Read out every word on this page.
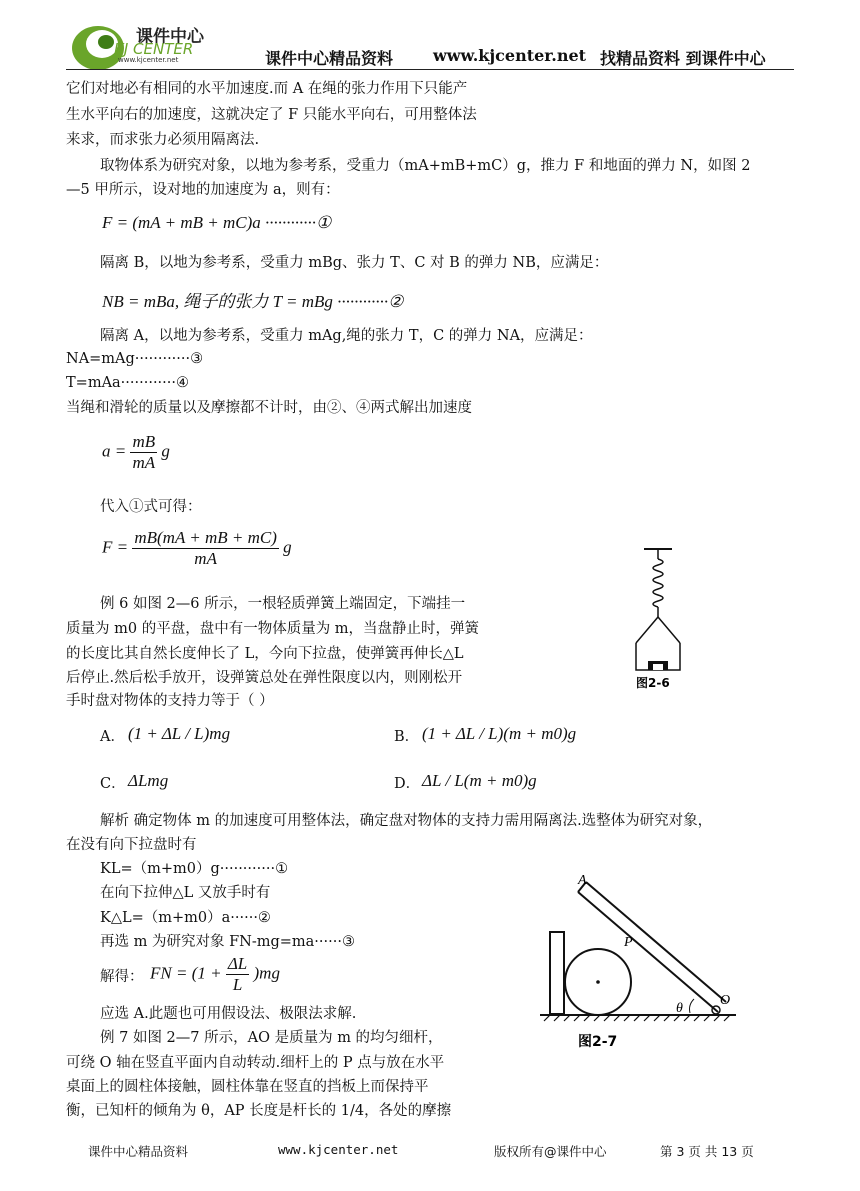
课件中心
KJ CENTER
www.kjcenter.net	课件中心精品资料 www.kjcenter.net 找精品资料 到课件中心
它们对地必有相同的水平加速度.而 A 在绳的张力作用下只能产
生水平向右的加速度，这就决定了 F 只能水平向右，可用整体法
来求，而求张力必须用隔离法.
取物体系为研究对象，以地为参考系，受重力（mA+mB+mC）g，推力 F 和地面的弹力 N，如图 2
—5 甲所示，设对地的加速度为 a，则有：
F = (mA + mB + mC)a ············①
隔离 B，以地为参考系，受重力 mBg、张力 T、C 对 B 的弹力 NB，应满足：
NB = mBa, 绳子的张力 T = mBg ············②
隔离 A，以地为参考系，受重力 mAg,绳的张力 T，C 的弹力 NA，应满足：
NA=mAg············③
T=mAa············④
当绳和滑轮的质量以及摩擦都不计时，由②、④两式解出加速度
$a = \frac{mB}{mA}$ g
代入①式可得：
$F = \frac{mB(mA + mB + mC)}{mA}$ g
例 6 如图 2—6 所示，一根轻质弹簧上端固定，下端挂一
质量为 m0 的平盘，盘中有一物体质量为 m，当盘静止时，弹簧
的长度比其自然长度伸长了 L，今向下拉盘，使弹簧再伸长△L
后停止.然后松手放开，设弹簧总处在弹性限度以内，则刚松开
手时盘对物体的支持力等于（ ）
图2-6
A． (1 + ΔL / L)mg	B． (1 + ΔL / L)(m + m0)g
C． ΔLmg	D． ΔL / L(m + m0)g
解析 确定物体 m 的加速度可用整体法，确定盘对物体的支持力需用隔离法.选整体为研究对象，
在没有向下拉盘时有
KL=（m+m0）g············①
在向下拉伸△L 又放手时有
K△L=（m+m0）a······②
再选 m 为研究对象 FN-mg=ma······③
解得： FN = $(1 + \frac{\Delta L}{L} )mg$
应选 A.此题也可用假设法、极限法求解.
例 7 如图 2—7 所示，AO 是质量为 m 的均匀细杆，
可绕 O 轴在竖直平面内自动转动.细杆上的 P 点与放在水平
桌面上的圆柱体接触，圆柱体靠在竖直的挡板上而保持平
衡，已知杆的倾角为 θ，AP 长度是杆长的 1/4，各处的摩擦
A
P
θ
O
图2-7
课件中心精品资料	www.kjcenter.net	版权所有@课件中心	第 3 页 共 13 页
